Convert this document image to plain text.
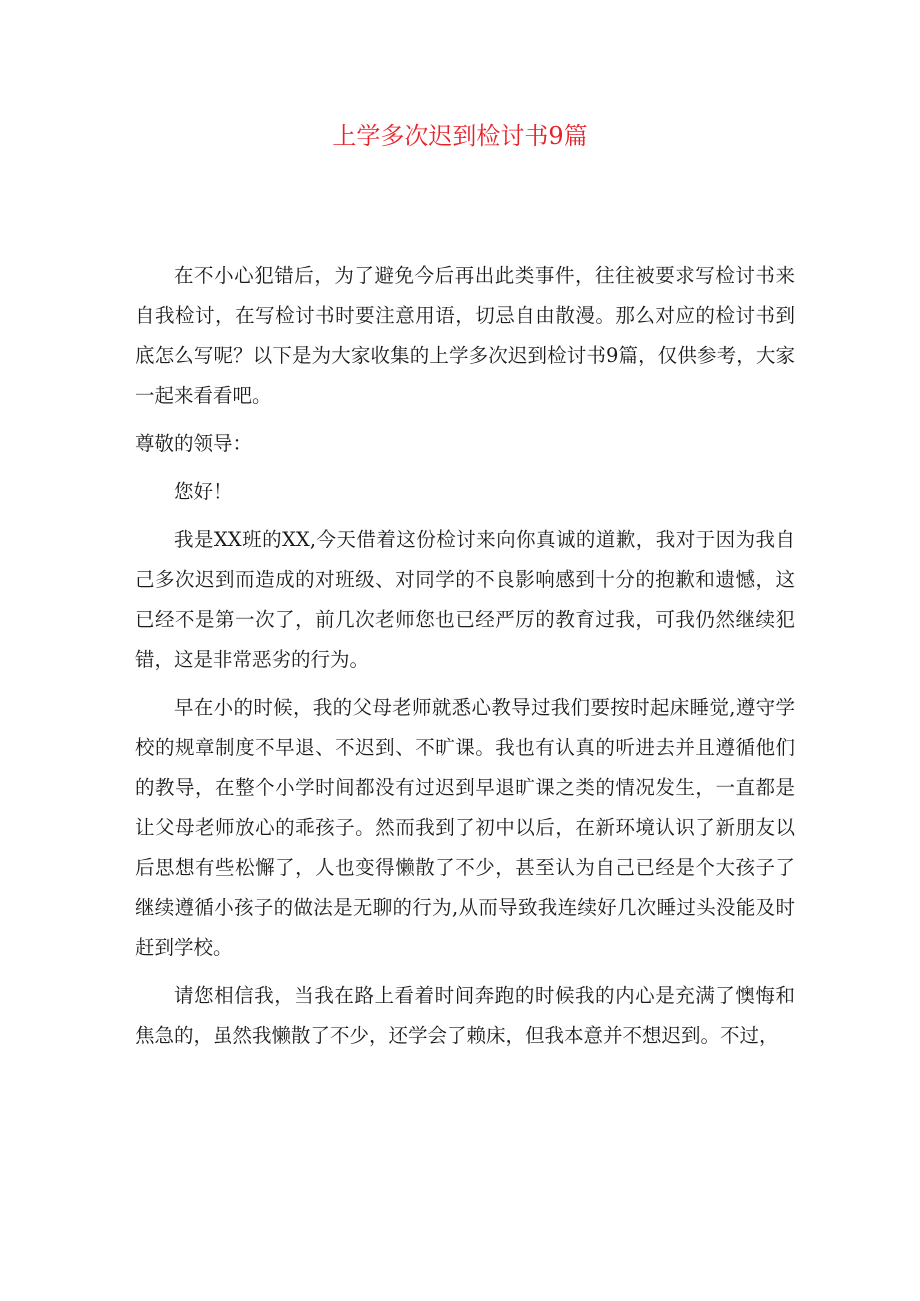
上学多次迟到检讨书9篇

在不小心犯错后，为了避免今后再出此类事件，往往被要求写检讨书来自我检讨，在写检讨书时要注意用语，切忌自由散漫。那么对应的检讨书到底怎么写呢？以下是为大家收集的上学多次迟到检讨书9篇，仅供参考，大家一起来看看吧。

尊敬的领导：

您好！

我是XX班的XX,今天借着这份检讨来向你真诚的道歉，我对于因为我自己多次迟到而造成的对班级、对同学的不良影响感到十分的抱歉和遗憾，这已经不是第一次了，前几次老师您也已经严厉的教育过我，可我仍然继续犯错，这是非常恶劣的行为。

早在小的时候，我的父母老师就悉心教导过我们要按时起床睡觉,遵守学校的规章制度不早退、不迟到、不旷课。我也有认真的听进去并且遵循他们的教导，在整个小学时间都没有过迟到早退旷课之类的情况发生，一直都是让父母老师放心的乖孩子。然而我到了初中以后，在新环境认识了新朋友以后思想有些松懈了，人也变得懒散了不少，甚至认为自己已经是个大孩子了继续遵循小孩子的做法是无聊的行为,从而导致我连续好几次睡过头没能及时赶到学校。

请您相信我，当我在路上看着时间奔跑的时候我的内心是充满了懊悔和焦急的，虽然我懒散了不少，还学会了赖床，但我本意并不想迟到。不过，
